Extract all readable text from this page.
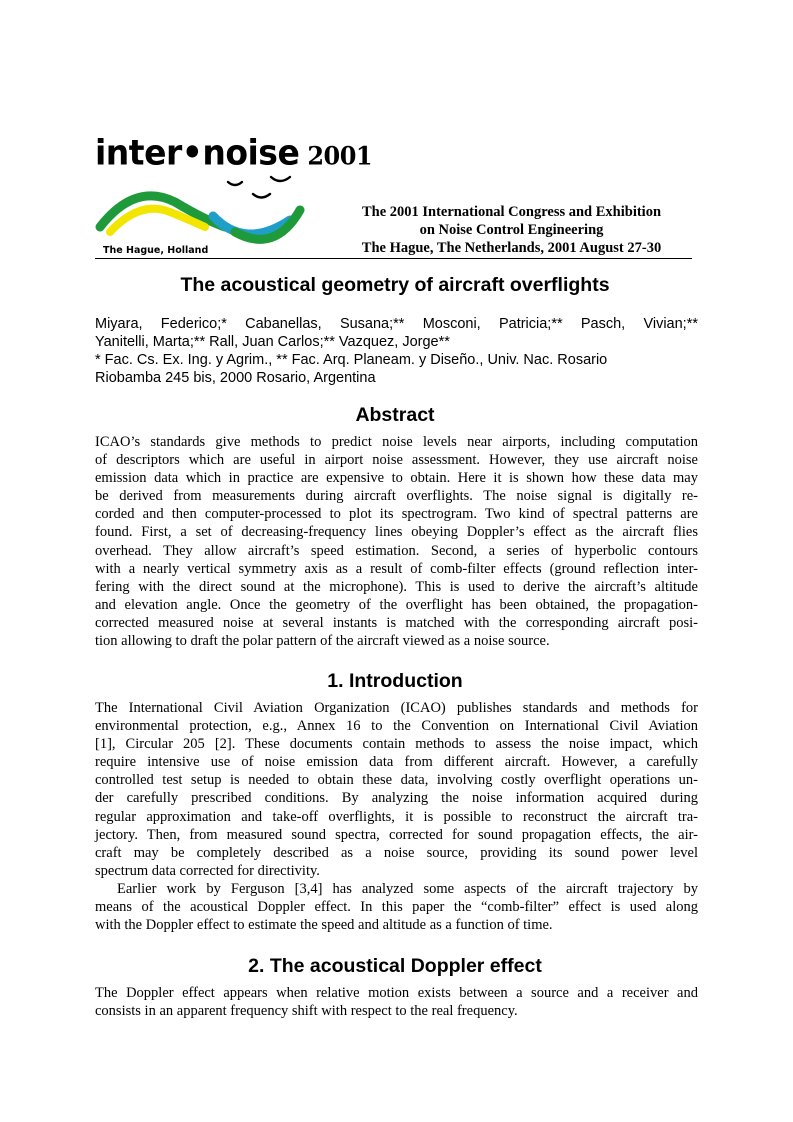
inter•noise 2001
The Hague, Holland
The 2001 International Congress and Exhibition
on Noise Control Engineering
The Hague, The Netherlands, 2001 August 27-30
The acoustical geometry of aircraft overflights
Miyara, Federico;* Cabanellas, Susana;** Mosconi, Patricia;** Pasch, Vivian;**
Yanitelli, Marta;** Rall, Juan Carlos;** Vazquez, Jorge**
* Fac. Cs. Ex. Ing. y Agrim., ** Fac. Arq. Planeam. y Diseño., Univ. Nac. Rosario
Riobamba 245 bis, 2000 Rosario, Argentina
Abstract
ICAO’s standards give methods to predict noise levels near airports, including computation
of descriptors which are useful in airport noise assessment. However, they use aircraft noise
emission data which in practice are expensive to obtain. Here it is shown how these data may
be derived from measurements during aircraft overflights. The noise signal is digitally re-
corded and then computer-processed to plot its spectrogram. Two kind of spectral patterns are
found. First, a set of decreasing-frequency lines obeying Doppler’s effect as the aircraft flies
overhead. They allow aircraft’s speed estimation. Second, a series of hyperbolic contours
with a nearly vertical symmetry axis as a result of comb-filter effects (ground reflection inter-
fering with the direct sound at the microphone). This is used to derive the aircraft’s altitude
and elevation angle. Once the geometry of the overflight has been obtained, the propagation-
corrected measured noise at several instants is matched with the corresponding aircraft posi-
tion allowing to draft the polar pattern of the aircraft viewed as a noise source.
1. Introduction
The International Civil Aviation Organization (ICAO) publishes standards and methods for
environmental protection, e.g., Annex 16 to the Convention on International Civil Aviation
[1], Circular 205 [2]. These documents contain methods to assess the noise impact, which
require intensive use of noise emission data from different aircraft. However, a carefully
controlled test setup is needed to obtain these data, involving costly overflight operations un-
der carefully prescribed conditions. By analyzing the noise information acquired during
regular approximation and take-off overflights, it is possible to reconstruct the aircraft tra-
jectory. Then, from measured sound spectra, corrected for sound propagation effects, the air-
craft may be completely described as a noise source, providing its sound power level
spectrum data corrected for directivity.
Earlier work by Ferguson [3,4] has analyzed some aspects of the aircraft trajectory by
means of the acoustical Doppler effect. In this paper the “comb-filter” effect is used along
with the Doppler effect to estimate the speed and altitude as a function of time.
2. The acoustical Doppler effect
The Doppler effect appears when relative motion exists between a source and a receiver and
consists in an apparent frequency shift with respect to the real frequency.
